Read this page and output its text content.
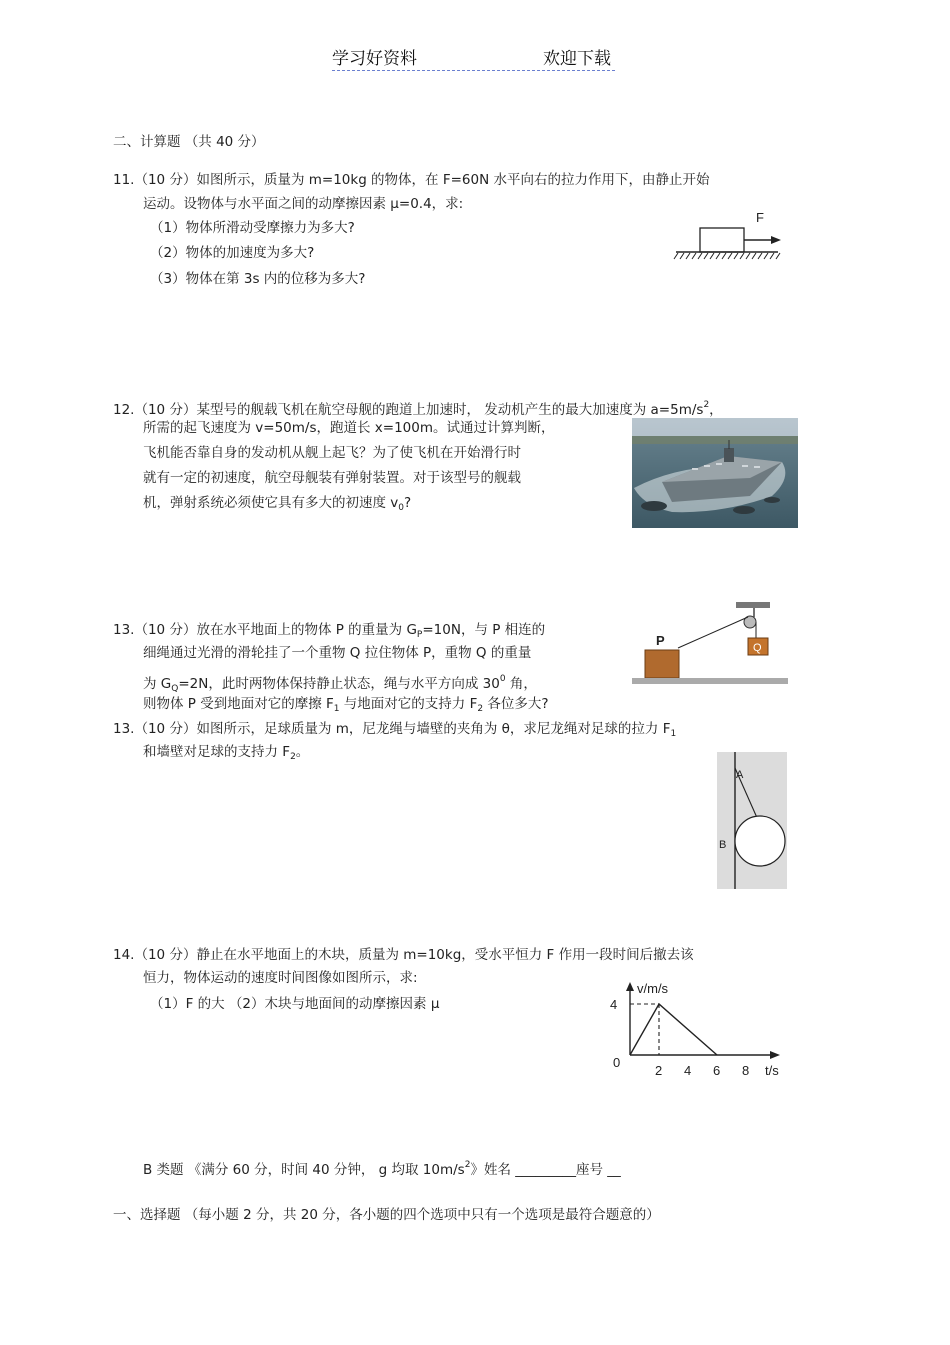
学习好资料	欢迎下载
二、计算题 （共 40 分）
11.（10 分）如图所示，质量为 m=10kg 的物体，在 F=60N 水平向右的拉力作用下，由静止开始
运动。设物体与水平面之间的动摩擦因素 μ=0.4，求:
（1）物体所滑动受摩擦力为多大?
（2）物体的加速度为多大?
（3）物体在第 3s 内的位移为多大?
F
12.（10 分）某型号的舰载飞机在航空母舰的跑道上加速时， 发动机产生的最大加速度为 $a=5m/s^2$，
所需的起飞速度为 v=50m/s，跑道长 x=100m。试通过计算判断，
飞机能否靠自身的发动机从舰上起飞？为了使飞机在开始滑行时
就有一定的初速度，航空母舰装有弹射装置。对于该型号的舰载
机，弹射系统必须使它具有多大的初速度 $v_0$?
13.（10 分）放在水平地面上的物体 P 的重量为 $G_P=10N$，与 P 相连的
细绳通过光滑的滑轮挂了一个重物 Q 拉住物体 P，重物 Q 的重量
为 $G_Q=2N$，此时两物体保持静止状态，绳与水平方向成 $30^0$ 角，
则物体 P 受到地面对它的摩擦 $F_1$ 与地面对它的支持力 $F_2$ 各位多大?
P	Q
13.（10 分）如图所示，足球质量为 m，尼龙绳与墙壁的夹角为 θ，求尼龙绳对足球的拉力 $F_1$
和墙壁对足球的支持力 $F_2$。
A
B
14.（10 分）静止在水平地面上的木块，质量为 m=10kg，受水平恒力 F 作用一段时间后撤去该
恒力，物体运动的速度时间图像如图所示，求:
（1）F 的大 （2）木块与地面间的动摩擦因素 μ
2 4 6 8
4
0
v/m/s
t/s
B 类题 《满分 60 分，时间 40 分钟， g 均取 $10m/s^2$》姓名 _________座号 __
一、选择题 （每小题 2 分，共 20 分，各小题的四个选项中只有一个选项是最符合题意的）
